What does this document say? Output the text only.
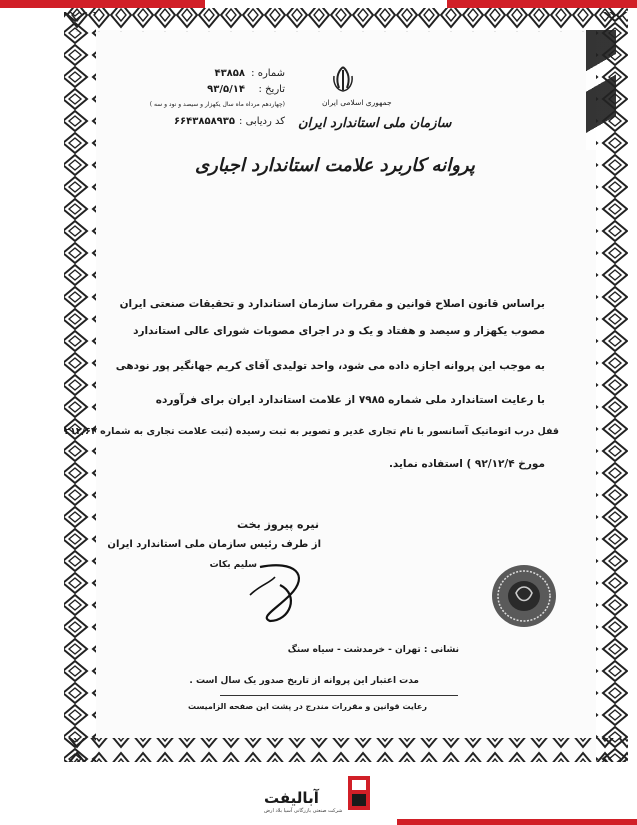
جمهوری اسلامی ایران
سازمان ملی استاندارد ایران
شماره :
۴۳۸۵۸
تاریخ :
۹۳/۵/۱۴
(چهاردهم مرداه ماه سال یکهزار و سیصد و نود و سه )
کد ردیابی :
۶۶۴۳۸۵۸۹۳۵
پروانه کاربرد علامت استاندارد اجباری
براساس قانون اصلاح قوانین و مقررات سازمان استاندارد و تحقیقات صنعتی ایران
مصوب یکهزار و سیصد و هفتاد و یک و در اجرای مصوبات شورای عالی استاندارد
به موجب این پروانه اجازه داده می شود، واحد تولیدی آقای کریم جهانگیر پور نودهی
با رعایت استاندارد ملی شماره ۷۹۸۵ از علامت استاندارد ایران برای فرآورده
قفل درب اتوماتیک آسانسور با نام تجاری غدیر و تصویر به ثبت رسیده (ثبت علامت تجاری به شماره ۲۱۲/۶۳
مورخ ۹۲/۱۲/۴ ) استفاده نماید.
نیره پیروز بخت
از طرف رئیس سازمان ملی استاندارد ایران
سلیم بکات
نشانی : تهران - خرمدشت - سیاه سنگ
مدت اعتبار این پروانه از تاریخ صدور یک سال است .
رعایت قوانین و مقررات مندرج در پشت این صفحه الزامیست
آبالیفت
شرکت صنعتی بازرگانی آسیا بلاد ارض
